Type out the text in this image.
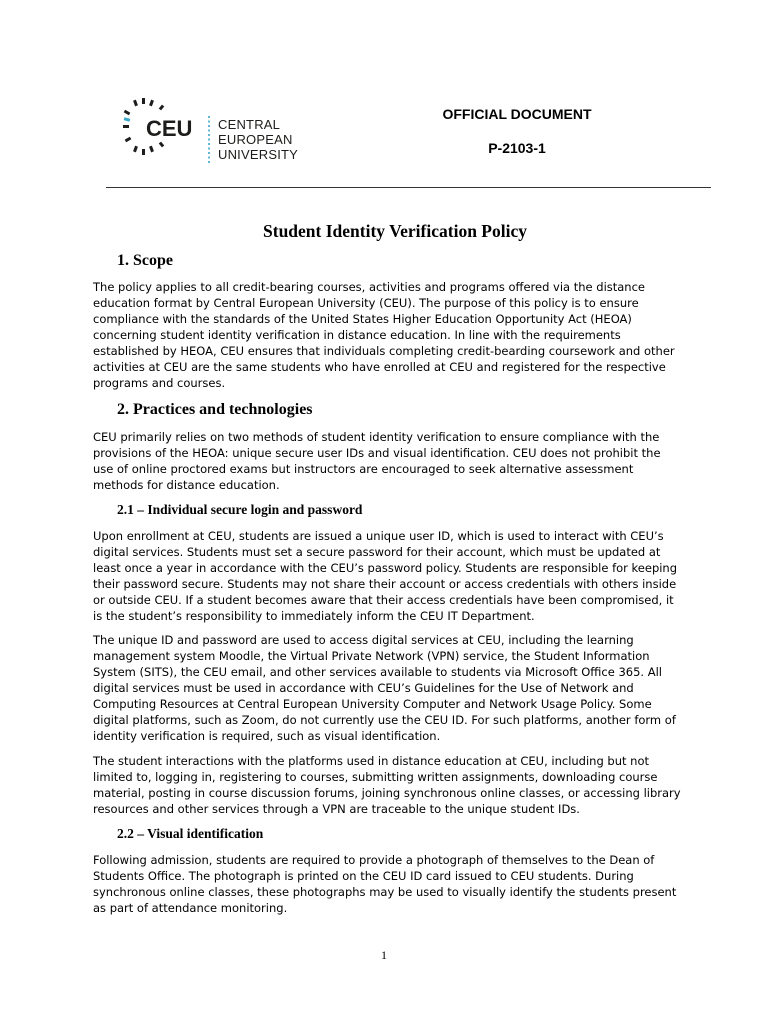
CEU CENTRAL
EUROPEAN
UNIVERSITY
OFFICIAL DOCUMENT
P-2103-1
Student Identity Verification Policy
1. Scope
The policy applies to all credit-bearing courses, activities and programs offered via the distance
education format by Central European University (CEU). The purpose of this policy is to ensure
compliance with the standards of the United States Higher Education Opportunity Act (HEOA)
concerning student identity verification in distance education. In line with the requirements
established by HEOA, CEU ensures that individuals completing credit-bearding coursework and other
activities at CEU are the same students who have enrolled at CEU and registered for the respective
programs and courses.
2. Practices and technologies
CEU primarily relies on two methods of student identity verification to ensure compliance with the
provisions of the HEOA: unique secure user IDs and visual identification. CEU does not prohibit the
use of online proctored exams but instructors are encouraged to seek alternative assessment
methods for distance education.
2.1 – Individual secure login and password
Upon enrollment at CEU, students are issued a unique user ID, which is used to interact with CEU’s
digital services. Students must set a secure password for their account, which must be updated at
least once a year in accordance with the CEU’s password policy. Students are responsible for keeping
their password secure. Students may not share their account or access credentials with others inside
or outside CEU. If a student becomes aware that their access credentials have been compromised, it
is the student’s responsibility to immediately inform the CEU IT Department.
The unique ID and password are used to access digital services at CEU, including the learning
management system Moodle, the Virtual Private Network (VPN) service, the Student Information
System (SITS), the CEU email, and other services available to students via Microsoft Office 365. All
digital services must be used in accordance with CEU’s Guidelines for the Use of Network and
Computing Resources at Central European University Computer and Network Usage Policy. Some
digital platforms, such as Zoom, do not currently use the CEU ID. For such platforms, another form of
identity verification is required, such as visual identification.
The student interactions with the platforms used in distance education at CEU, including but not
limited to, logging in, registering to courses, submitting written assignments, downloading course
material, posting in course discussion forums, joining synchronous online classes, or accessing library
resources and other services through a VPN are traceable to the unique student IDs.
2.2 – Visual identification
Following admission, students are required to provide a photograph of themselves to the Dean of
Students Office. The photograph is printed on the CEU ID card issued to CEU students. During
synchronous online classes, these photographs may be used to visually identify the students present
as part of attendance monitoring.
1
